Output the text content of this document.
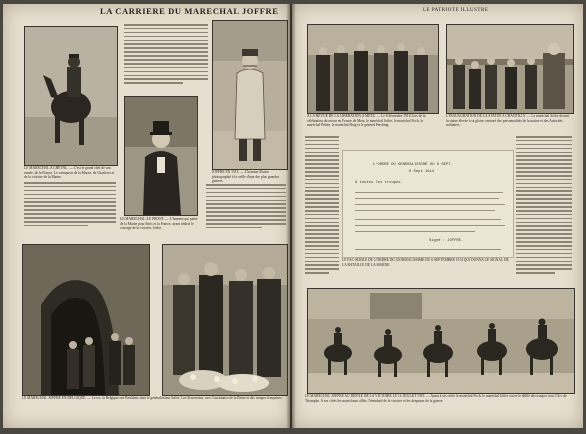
LA CARRIERE DU MARECHAL JOFFRE
LE MARECHAL A CHEVAL. — C'est le grand chef de son armée, de la France. Le vainqueur de la Marne, de Charleroi et de la victoire de la Marne.
LE MARECHAL AU FRONT. — L'homme qui partit de la Marne pour Paris et la France, ayant réalisé le courage de la victoire, Joffre.
JOFFRE EN 1913. — L'homme illustre photographié à la veille d'une des plus grandes guerres.
LE MARECHAL JOFFRE EN BELGIQUE. — Le roi, la Belgique ont Président ainsi le généralissime Joffre. Les Souverains, avec l'assistance de la Reine et des troupes françaises.
LE PATRIOTE ILLUSTRE
A LA REVUE DE LA LIBERATION A METZ. — Le 8 décembre 1918, lors de la célébration du retour en France de Metz, le maréchal Joffre, le maréchal Foch, le maréchal Pétain, le maréchal Haig et le général Pershing.
L'INAUGURATION DE LA STATUE A CHANTILLY. — Le maréchal Joffre devant la statue élevée à sa gloire, entouré des personnalités de la nation et des Autorités militaires.
L'ORDRE DU GENERALISSIME DU 6 SEPT.
6 Sept 1914
A toutes les troupes.
Signé : JOFFRE.
LE FAC-SIMILE DE L'ORDRE DU GENERALISSIME DU 6 SEPTEMBRE 1914 QUI DONNA LE SIGNAL DE LA BATAILLE DE LA MARNE.
LE MARECHAL JOFFRE AU DEFILE DE LA VICTOIRE LE 14 JUILLET 1919. — Ayant à ses côtés le maréchal Foch, le maréchal Joffre ouvre le défilé des troupes sous l'Arc de Triomphe. A ses côtés les maréchaux alliés, l'étendard de la victoire et les drapeaux de la guerre.
